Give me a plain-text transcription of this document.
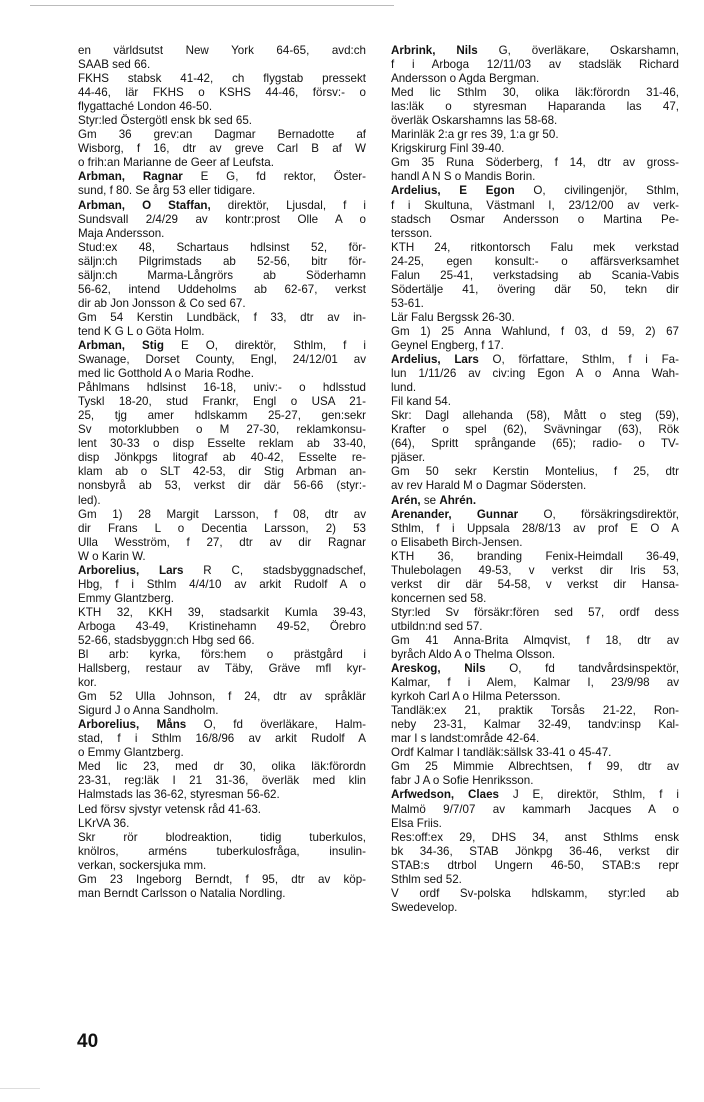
en världsutst New York 64-65, avd:ch
SAAB sed 66.
FKHS stabsk 41-42, ch flygstab pressekt
44-46, lär FKHS o KSHS 44-46, försv:- o
flygattaché London 46-50.
Styr:led Östergötl ensk bk sed 65.
Gm 36 grev:an Dagmar Bernadotte af
Wisborg, f 16, dtr av greve Carl B af W
o frih:an Marianne de Geer af Leufsta.
Arbman, Ragnar E G, fd rektor, Öster-
sund, f 80. Se årg 53 eller tidigare.
Arbman, O Staffan, direktör, Ljusdal, f i
Sundsvall 2/4/29 av kontr:prost Olle A o
Maja Andersson.
Stud:ex 48, Schartaus hdlsinst 52, för-
säljn:ch Pilgrimstads ab 52-56, bitr för-
säljn:ch Marma-Långrörs ab Söderhamn
56-62, intend Uddeholms ab 62-67, verkst
dir ab Jon Jonsson & Co sed 67.
Gm 54 Kerstin Lundbäck, f 33, dtr av in-
tend K G L o Göta Holm.
Arbman, Stig E O, direktör, Sthlm, f i
Swanage, Dorset County, Engl, 24/12/01 av
med lic Gotthold A o Maria Rodhe.
Påhlmans hdlsinst 16-18, univ:- o hdlsstud
Tyskl 18-20, stud Frankr, Engl o USA 21-
25, tjg amer hdlskamm 25-27, gen:sekr
Sv motorklubben o M 27-30, reklamkonsu-
lent 30-33 o disp Esselte reklam ab 33-40,
disp Jönkpgs litograf ab 40-42, Esselte re-
klam ab o SLT 42-53, dir Stig Arbman an-
nonsbyrå ab 53, verkst dir där 56-66 (styr:-
led).
Gm 1) 28 Margit Larsson, f 08, dtr av
dir Frans L o Decentia Larsson, 2) 53
Ulla Wesström, f 27, dtr av dir Ragnar
W o Karin W.
Arborelius, Lars R C, stadsbyggnadschef,
Hbg, f i Sthlm 4/4/10 av arkit Rudolf A o
Emmy Glantzberg.
KTH 32, KKH 39, stadsarkit Kumla 39-43,
Arboga 43-49, Kristinehamn 49-52, Örebro
52-66, stadsbyggn:ch Hbg sed 66.
Bl arb: kyrka, förs:hem o prästgård i
Hallsberg, restaur av Täby, Gräve mfl kyr-
kor.
Gm 52 Ulla Johnson, f 24, dtr av språklär
Sigurd J o Anna Sandholm.
Arborelius, Måns O, fd överläkare, Halm-
stad, f i Sthlm 16/8/96 av arkit Rudolf A
o Emmy Glantzberg.
Med lic 23, med dr 30, olika läk:förordn
23-31, reg:läk I 21 31-36, överläk med klin
Halmstads las 36-62, styresman 56-62.
Led försv sjvstyr vetensk råd 41-63.
LKrVA 36.
Skr rör blodreaktion, tidig tuberkulos,
knölros, arméns tuberkulosfråga, insulin-
verkan, sockersjuka mm.
Gm 23 Ingeborg Berndt, f 95, dtr av köp-
man Berndt Carlsson o Natalia Nordling.
Arbrink, Nils G, överläkare, Oskarshamn,
f i Arboga 12/11/03 av stadsläk Richard
Andersson o Agda Bergman.
Med lic Sthlm 30, olika läk:förordn 31-46,
las:läk o styresman Haparanda las 47,
överläk Oskarshamns las 58-68.
Marinläk 2:a gr res 39, 1:a gr 50.
Krigskirurg Finl 39-40.
Gm 35 Runa Söderberg, f 14, dtr av gross-
handl A N S o Mandis Borin.
Ardelius, E Egon O, civilingenjör, Sthlm,
f i Skultuna, Västmanl I, 23/12/00 av verk-
stadsch Osmar Andersson o Martina Pe-
tersson.
KTH 24, ritkontorsch Falu mek verkstad
24-25, egen konsult:- o affärsverksamhet
Falun 25-41, verkstadsing ab Scania-Vabis
Södertälje 41, övering där 50, tekn dir
53-61.
Lär Falu Bergssk 26-30.
Gm 1) 25 Anna Wahlund, f 03, d 59, 2) 67
Geynel Engberg, f 17.
Ardelius, Lars O, författare, Sthlm, f i Fa-
lun 1/11/26 av civ:ing Egon A o Anna Wah-
lund.
Fil kand 54.
Skr: Dagl allehanda (58), Mått o steg (59),
Krafter o spel (62), Svävningar (63), Rök
(64), Spritt språngande (65); radio- o TV-
pjäser.
Gm 50 sekr Kerstin Montelius, f 25, dtr
av rev Harald M o Dagmar Södersten.
Arén, se Ahrén.
Arenander, Gunnar O, försäkringsdirektör,
Sthlm, f i Uppsala 28/8/13 av prof E O A
o Elisabeth Birch-Jensen.
KTH 36, branding Fenix-Heimdall 36-49,
Thulebolagen 49-53, v verkst dir Iris 53,
verkst dir där 54-58, v verkst dir Hansa-
koncernen sed 58.
Styr:led Sv försäkr:fören sed 57, ordf dess
utbildn:nd sed 57.
Gm 41 Anna-Brita Almqvist, f 18, dtr av
byråch Aldo A o Thelma Olsson.
Areskog, Nils O, fd tandvårdsinspektör,
Kalmar, f i Alem, Kalmar I, 23/9/98 av
kyrkoh Carl A o Hilma Petersson.
Tandläk:ex 21, praktik Torsås 21-22, Ron-
neby 23-31, Kalmar 32-49, tandv:insp Kal-
mar I s landst:område 42-64.
Ordf Kalmar I tandläk:sällsk 33-41 o 45-47.
Gm 25 Mimmie Albrechtsen, f 99, dtr av
fabr J A o Sofie Henriksson.
Arfwedson, Claes J E, direktör, Sthlm, f i
Malmö 9/7/07 av kammarh Jacques A o
Elsa Friis.
Res:off:ex 29, DHS 34, anst Sthlms ensk
bk 34-36, STAB Jönkpg 36-46, verkst dir
STAB:s dtrbol Ungern 46-50, STAB:s repr
Sthlm sed 52.
V ordf Sv-polska hdlskamm, styr:led ab
Swedevelop.
40
